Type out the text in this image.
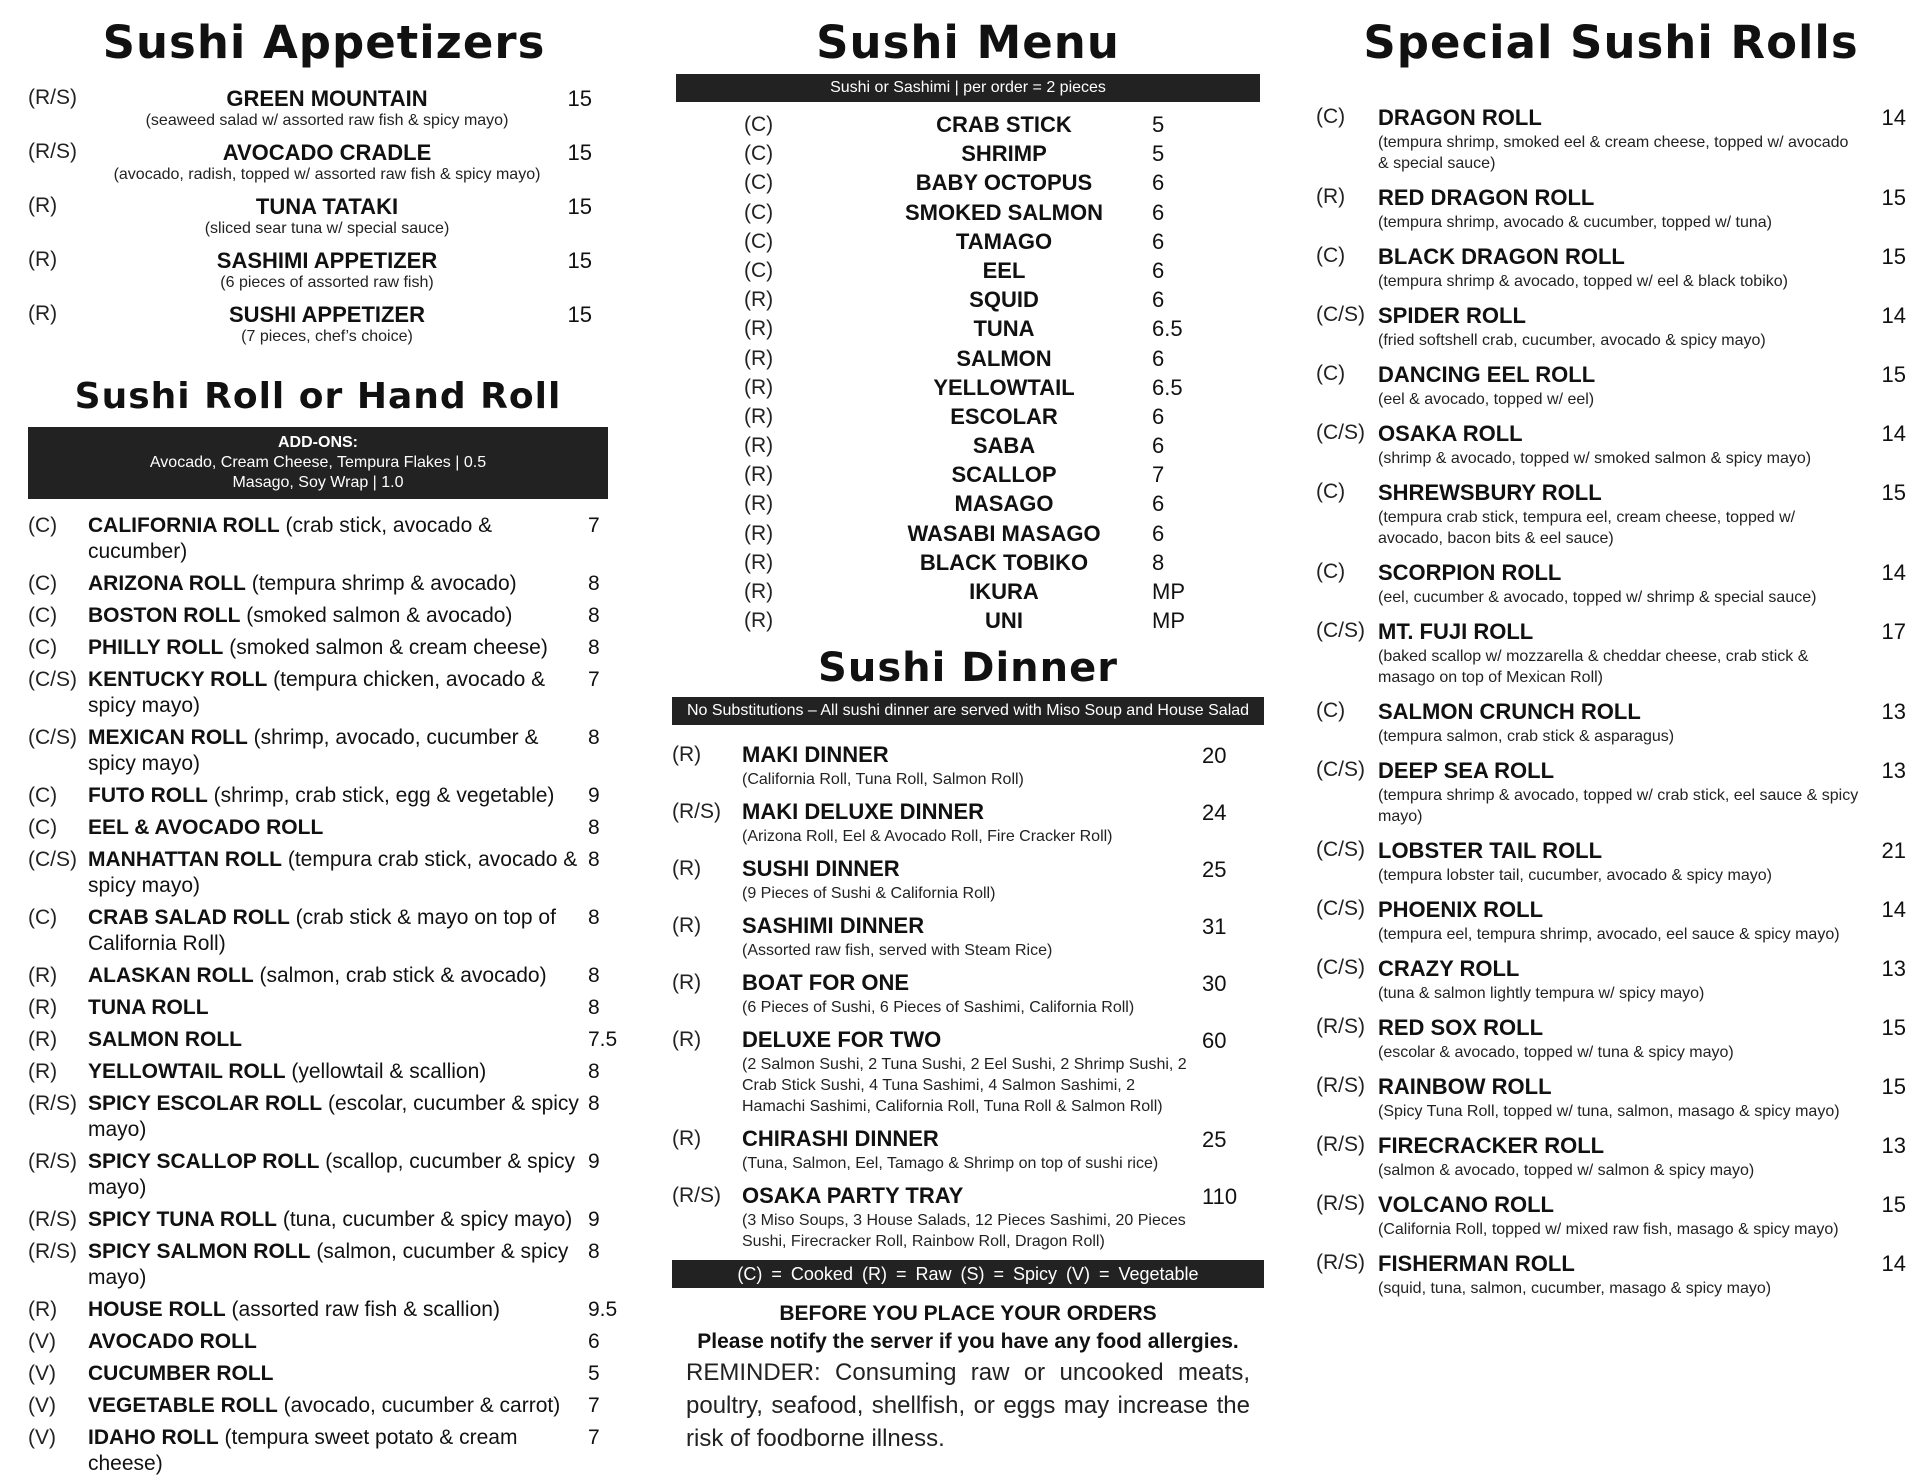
Sushi Appetizers
(R/S)	GREEN MOUNTAIN
(seaweed salad w/ assorted raw fish & spicy mayo)
15
(R/S)	AVOCADO CRADLE
(avocado, radish, topped w/ assorted raw fish & spicy mayo)
15
(R)	TUNA TATAKI
(sliced sear tuna w/ special sauce)
15
(R)	SASHIMI APPETIZER
(6 pieces of assorted raw fish)
15
(R)	SUSHI APPETIZER
(7 pieces, chef’s choice)
15
Sushi Roll or Hand Roll
ADD-ONS:
Avocado, Cream Cheese, Tempura Flakes | 0.5
Masago, Soy Wrap | 1.0
(C)	CALIFORNIA ROLL (crab stick, avocado & cucumber)
7
(C)	ARIZONA ROLL (tempura shrimp & avocado)	8
(C)	BOSTON ROLL (smoked salmon & avocado)	8
(C)	PHILLY ROLL (smoked salmon & cream cheese)	8
(C/S) KENTUCKY ROLL (tempura chicken, avocado & spicy mayo)
7
(C/S) MEXICAN ROLL (shrimp, avocado, cucumber & spicy mayo)
8
(C)	FUTO ROLL (shrimp, crab stick, egg & vegetable)	9
(C)	EEL & AVOCADO ROLL	8
(C/S) MANHATTAN ROLL (tempura crab stick, avocado & spicy mayo)
8
(C)	CRAB SALAD ROLL (crab stick & mayo on top of California Roll)
8
(R)	ALASKAN ROLL (salmon, crab stick & avocado)	8
(R)	TUNA ROLL	8
(R)	SALMON ROLL	7.5
(R)	YELLOWTAIL ROLL (yellowtail & scallion)	8
(R/S) SPICY ESCOLAR ROLL (escolar, cucumber & spicy mayo)
8
(R/S) SPICY SCALLOP ROLL (scallop, cucumber & spicy mayo)
9
(R/S) SPICY TUNA ROLL (tuna, cucumber & spicy mayo) 9
(R/S) SPICY SALMON ROLL (salmon, cucumber & spicy mayo)
8
(R)	HOUSE ROLL (assorted raw fish & scallion)	9.5
(V)	AVOCADO ROLL	6
(V)	CUCUMBER ROLL	5
(V)	VEGETABLE ROLL (avocado, cucumber & carrot)	7
(V)	IDAHO ROLL (tempura sweet potato & cream cheese)
7
Sushi Menu
Sushi or Sashimi | per order = 2 pieces
(C)	CRAB STICK	5
(C)	SHRIMP	5
(C)	BABY OCTOPUS	6
(C)	SMOKED SALMON	6
(C)	TAMAGO	6
(C)	EEL	6
(R)	SQUID	6
(R)	TUNA	6.5
(R)	SALMON	6
(R)	YELLOWTAIL	6.5
(R)	ESCOLAR	6
(R)	SABA	6
(R)	SCALLOP	7
(R)	MASAGO	6
(R)	WASABI MASAGO	6
(R)	BLACK TOBIKO	8
(R)	IKURA	MP
(R)	UNI	MP
Sushi Dinner
No Substitutions – All sushi dinner are served with Miso Soup and House Salad
(R)	MAKI DINNER
(California Roll, Tuna Roll, Salmon Roll)
20
(R/S) MAKI DELUXE DINNER
(Arizona Roll, Eel & Avocado Roll, Fire Cracker Roll)
24
(R)	SUSHI DINNER
(9 Pieces of Sushi & California Roll)
25
(R)	SASHIMI DINNER
(Assorted raw fish, served with Steam Rice)
31
(R)	BOAT FOR ONE
(6 Pieces of Sushi, 6 Pieces of Sashimi, California Roll)
30
(R)	DELUXE FOR TWO
(2 Salmon Sushi, 2 Tuna Sushi, 2 Eel Sushi, 2 Shrimp Sushi, 2 Crab Stick Sushi, 4 Tuna Sashimi, 4 Salmon Sashimi, 2 Hamachi Sashimi, California Roll, Tuna Roll & Salmon Roll)
60
(R)	CHIRASHI DINNER
(Tuna, Salmon, Eel, Tamago & Shrimp on top of sushi rice)
25
(R/S) OSAKA PARTY TRAY
(3 Miso Soups, 3 House Salads, 12 Pieces Sashimi, 20 Pieces Sushi, Firecracker Roll, Rainbow Roll, Dragon Roll)
110
(C) = Cooked (R) = Raw (S) = Spicy (V) = Vegetable
BEFORE YOU PLACE YOUR ORDERS
Please notify the server if you have any food allergies.
REMINDER: Consuming raw or uncooked meats, poultry, seafood, shellfish, or eggs may increase the risk of foodborne illness.
Special Sushi Rolls
(C)	DRAGON ROLL
(tempura shrimp, smoked eel & cream cheese, topped w/ avocado & special sauce)
14
(R)	RED DRAGON ROLL
(tempura shrimp, avocado & cucumber, topped w/ tuna)
15
(C)	BLACK DRAGON ROLL
(tempura shrimp & avocado, topped w/ eel & black tobiko)
15
(C/S) SPIDER ROLL
(fried softshell crab, cucumber, avocado & spicy mayo)
14
(C)	DANCING EEL ROLL
(eel & avocado, topped w/ eel)
15
(C/S) OSAKA ROLL
(shrimp & avocado, topped w/ smoked salmon & spicy mayo)
14
(C)	SHREWSBURY ROLL
(tempura crab stick, tempura eel, cream cheese, topped w/ avocado, bacon bits & eel sauce)
15
(C)	SCORPION ROLL
(eel, cucumber & avocado, topped w/ shrimp & special sauce)
14
(C/S) MT. FUJI ROLL
(baked scallop w/ mozzarella & cheddar cheese, crab stick & masago on top of Mexican Roll)
17
(C)	SALMON CRUNCH ROLL
(tempura salmon, crab stick & asparagus)
13
(C/S) DEEP SEA ROLL
(tempura shrimp & avocado, topped w/ crab stick, eel sauce & spicy mayo)
13
(C/S) LOBSTER TAIL ROLL
(tempura lobster tail, cucumber, avocado & spicy mayo)
21
(C/S) PHOENIX ROLL
(tempura eel, tempura shrimp, avocado, eel sauce & spicy mayo)
14
(C/S) CRAZY ROLL
(tuna & salmon lightly tempura w/ spicy mayo)
13
(R/S) RED SOX ROLL
(escolar & avocado, topped w/ tuna & spicy mayo)
15
(R/S) RAINBOW ROLL
(Spicy Tuna Roll, topped w/ tuna, salmon, masago & spicy mayo)
15
(R/S) FIRECRACKER ROLL
(salmon & avocado, topped w/ salmon & spicy mayo)
13
(R/S) VOLCANO ROLL
(California Roll, topped w/ mixed raw fish, masago & spicy mayo)
15
(R/S) FISHERMAN ROLL
(squid, tuna, salmon, cucumber, masago & spicy mayo)
14
